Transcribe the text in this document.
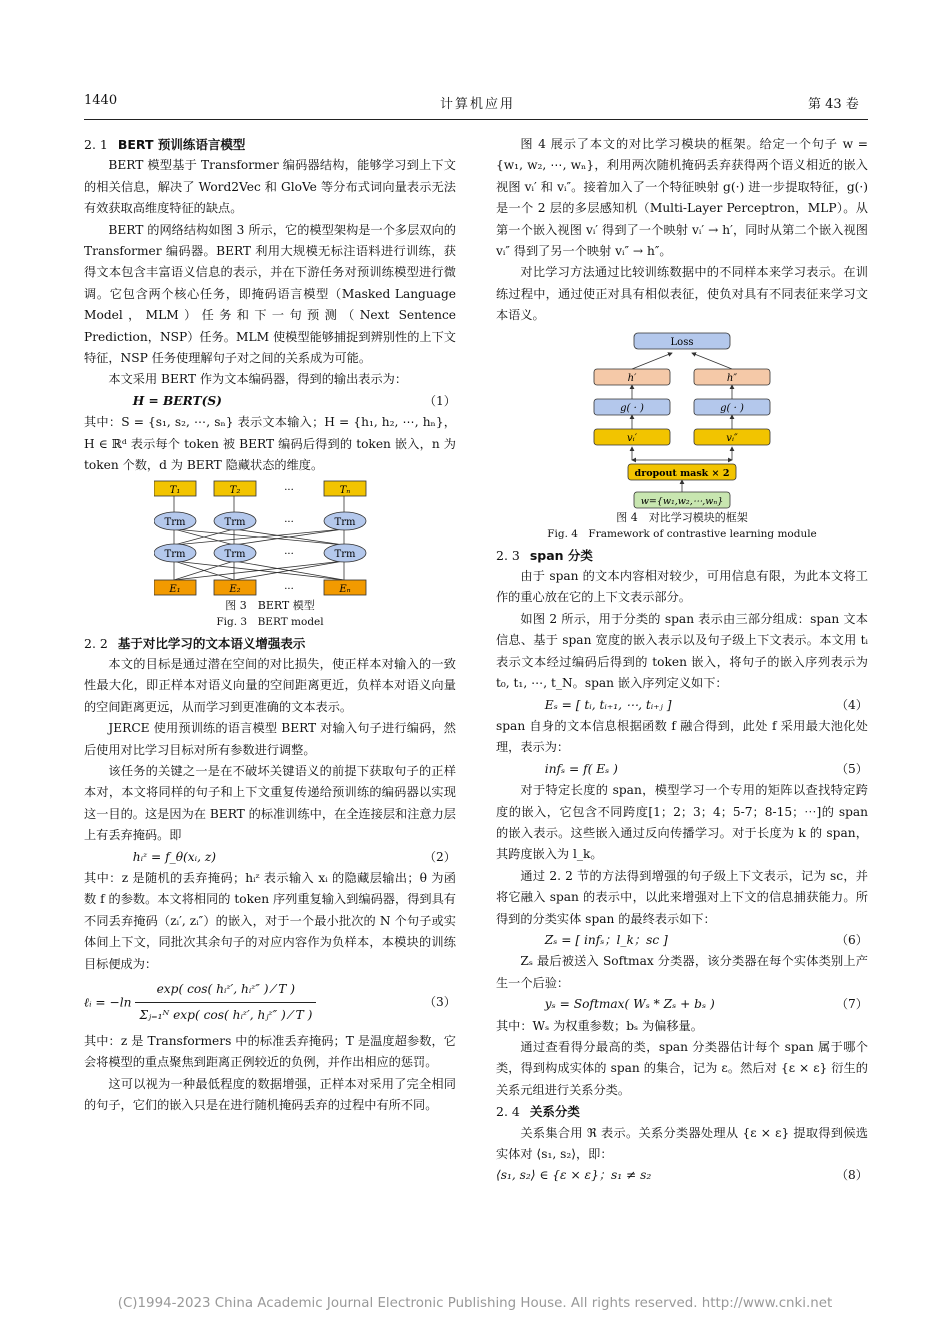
1440	计算机应用	第 43 卷
2. 1 BERT 预训练语言模型

BERT 模型基于 Transformer 编码器结构，能够学习到上下文的相关信息，解决了 Word2Vec 和 GloVe 等分布式词向量表示无法有效获取高维度特征的缺点。

BERT 的网络结构如图 3 所示，它的模型架构是一个多层双向的 Transformer 编码器。BERT 利用大规模无标注语料进行训练，获得文本包含丰富语义信息的表示，并在下游任务对预训练模型进行微调。它包含两个核心任务，即掩码语言模型（Masked Language Model，MLM）任务和下一句预测（Next Sentence Prediction，NSP）任务。MLM 使模型能够捕捉到辨别性的上下文特征，NSP 任务使理解句子对之间的关系成为可能。

本文采用 BERT 作为文本编码器，得到的输出表示为：

H = BERT(S)	（1）

其中：S = {s₁, s₂, ⋯, sₙ} 表示文本输入；H = {h₁, h₂, ⋯, hₙ}，H ∈ ℝᵈ 表示每个 token 被 BERT 编码后得到的 token 嵌入，n 为 token 个数，d 为 BERT 隐藏状态的维度。

T₁	T₂	···	Tₙ
Trm	Trm	···	Trm
Trm	Trm	···	Trm
E₁	E₂	···	Eₙ
图 3　BERT 模型
Fig. 3　BERT model
2. 2 基于对比学习的文本语义增强表示

本文的目标是通过潜在空间的对比损失，使正样本对输入的一致性最大化，即正样本对语义向量的空间距离更近，负样本对语义向量的空间距离更远，从而学习到更准确的文本表示。

JERCE 使用预训练的语言模型 BERT 对输入句子进行编码，然后使用对比学习目标对所有参数进行调整。

该任务的关键之一是在不破坏关键语义的前提下获取句子的正样本对，本文将同样的句子和上下文重复传递给预训练的编码器以实现这一目的。这是因为在 BERT 的标准训练中，在全连接层和注意力层上有丢弃掩码。即

hᵢᶻ = f_θ(xᵢ, z)	（2）

其中：z 是随机的丢弃掩码；hᵢᶻ 表示输入 xᵢ 的隐藏层输出；θ 为函数 f 的参数。本文将相同的 token 序列重复输入到编码器，得到具有不同丢弃掩码（zᵢ′, zᵢ″）的嵌入，对于一个最小批次的 N 个句子或实体间上下文，同批次其余句子的对应内容作为负样本，本模块的训练目标便成为：

ℓᵢ = $-\ln \frac{\text{exp( cos( hᵢᶻ′, hᵢᶻ″ ) ⁄ T )}}{\text{Σⱼ₌₁ᴺ exp( cos( hᵢᶻ′, hⱼᶻ″ ) ⁄ T )}}$	（3）

其中：z 是 Transformers 中的标准丢弃掩码；T 是温度超参数，它会将模型的重点聚焦到距离正例较近的负例，并作出相应的惩罚。

这可以视为一种最低程度的数据增强，正样本对采用了完全相同的句子，它们的嵌入只是在进行随机掩码丢弃的过程中有所不同。

图 4 展示了本文的对比学习模块的框架。给定一个句子 w = {w₁, w₂, ⋯, wₙ}，利用两次随机掩码丢弃获得两个语义相近的嵌入视图 vᵢ′ 和 vᵢ″。接着加入了一个特征映射 g(·) 进一步提取特征，g(·) 是一个 2 层的多层感知机（Multi-Layer Perceptron，MLP）。从第一个嵌入视图 vᵢ′ 得到了一个映射 vᵢ′ → h′，同时从第二个嵌入视图 vᵢ″ 得到了另一个映射 vᵢ″ → h″。

对比学习方法通过比较训练数据中的不同样本来学习表示。在训练过程中，通过使正对具有相似表征，使负对具有不同表征来学习文本语义。

Loss
h′	h″
g( · )	g( · )
vᵢ′	vᵢ″
dropout mask × 2
w={w₁,w₂,⋯,wₙ}
图 4　对比学习模块的框架
Fig. 4　Framework of contrastive learning module
2. 3 span 分类

由于 span 的文本内容相对较少，可用信息有限，为此本文将工作的重心放在它的上下文表示部分。

如图 2 所示，用于分类的 span 表示由三部分组成：span 文本信息、基于 span 宽度的嵌入表示以及句子级上下文表示。本文用 tᵢ 表示文本经过编码后得到的 token 嵌入，将句子的嵌入序列表示为 t₀, t₁, ⋯, t_N。span 嵌入序列定义如下：

Eₛ = [ tᵢ, tᵢ₊₁, ⋯, tᵢ₊ⱼ ]	（4）

span 自身的文本信息根据函数 f 融合得到，此处 f 采用最大池化处理，表示为：

infₛ = f( Eₛ )	（5）

对于特定长度的 span，模型学习一个专用的矩阵以查找特定跨度的嵌入，它包含不同跨度[1；2；3；4；5-7；8-15；⋯]的 span 的嵌入表示。这些嵌入通过反向传播学习。对于长度为 k 的 span，其跨度嵌入为 l_k。

通过 2. 2 节的方法得到增强的句子级上下文表示，记为 sc，并将它融入 span 的表示中，以此来增强对上下文的信息捕获能力。所得到的分类实体 span 的最终表示如下：

Zₛ = [ infₛ；l_k；sc ]	（6）

Zₛ 最后被送入 Softmax 分类器，该分类器在每个实体类别上产生一个后验：

yₛ = Softmax( Wₛ * Zₛ + bₛ )	（7）

其中：Wₛ 为权重参数；bₛ 为偏移量。

通过查看得分最高的类，span 分类器估计每个 span 属于哪个类，得到构成实体的 span 的集合，记为 ε。然后对 {ε × ε} 衍生的关系元组进行关系分类。

2. 4 关系分类

关系集合用 ℜ 表示。关系分类器处理从 {ε × ε} 提取得到候选实体对 ⟨s₁, s₂⟩，即：

⟨s₁, s₂⟩ ∈ {ε × ε}；s₁ ≠ s₂	（8）
(C)1994-2023 China Academic Journal Electronic Publishing House. All rights reserved. http://www.cnki.net
